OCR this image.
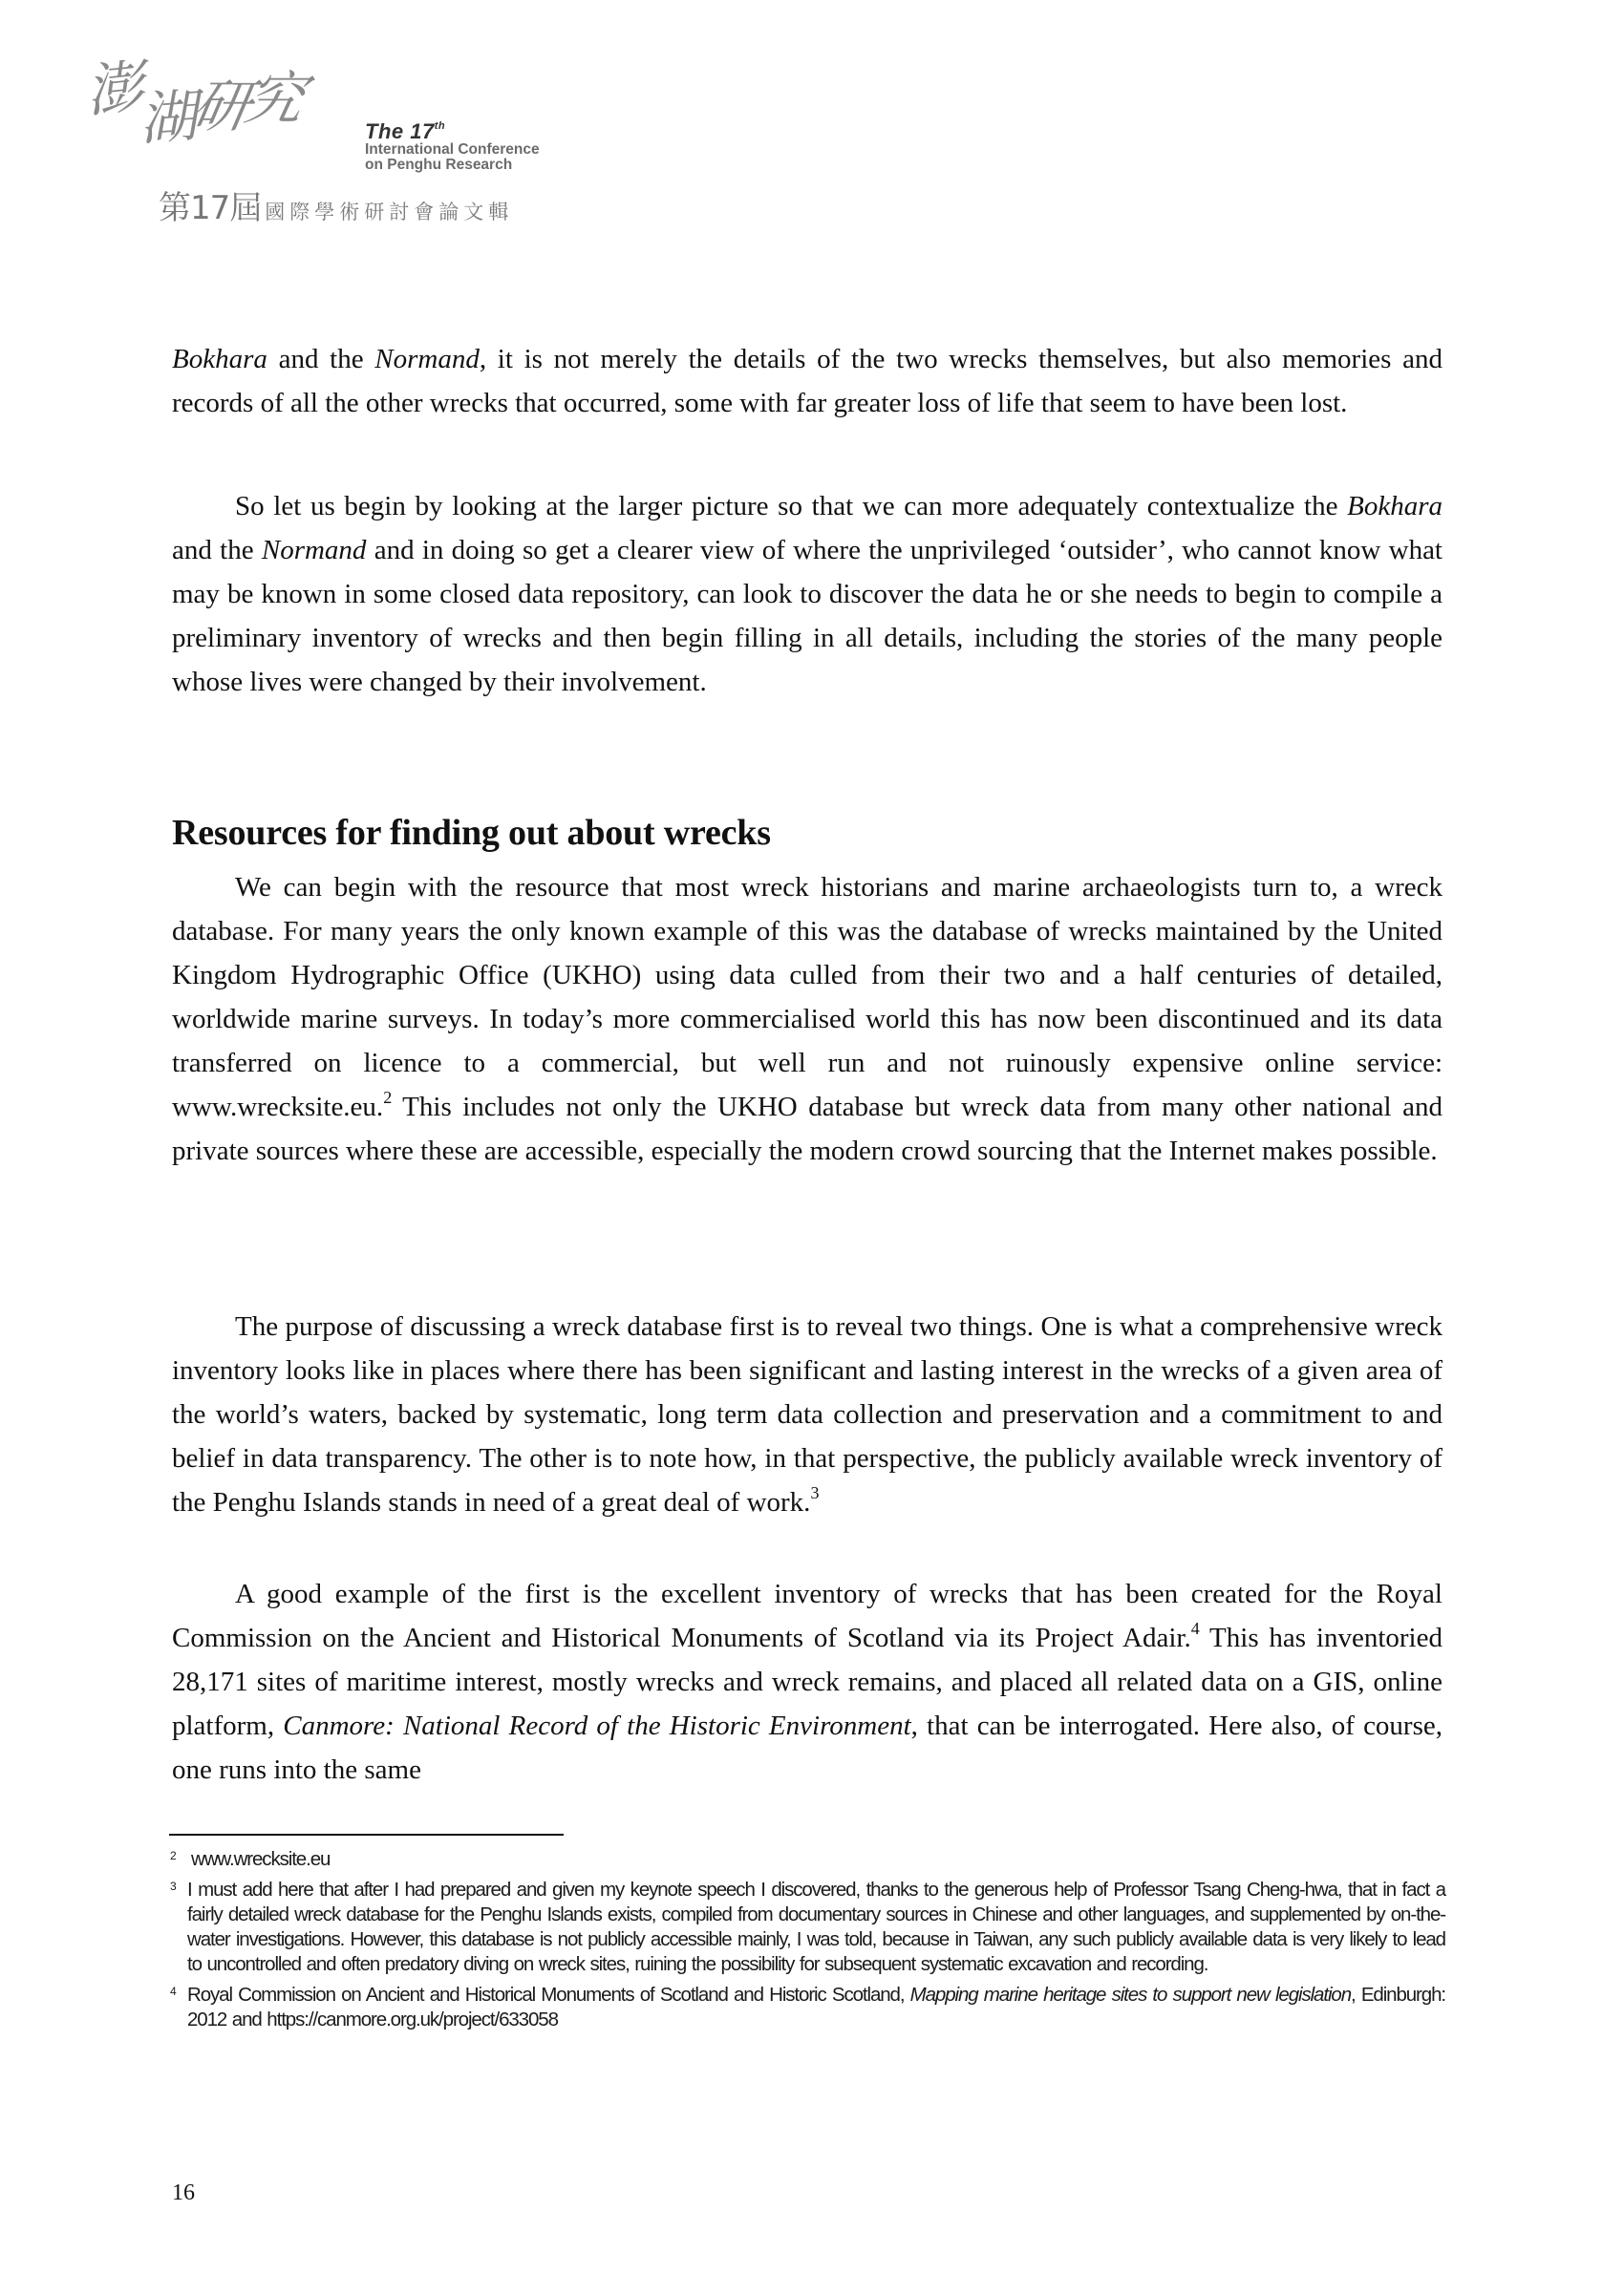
澎湖研究	The 17th
International Conference
on Penghu Research
第17屆 國際學術研討會論文輯

Bokhara and the Normand, it is not merely the details of the two wrecks themselves, but also memories and records of all the other wrecks that occurred, some with far greater loss of life that seem to have been lost.

So let us begin by looking at the larger picture so that we can more adequately contextualize the Bokhara and the Normand and in doing so get a clearer view of where the unprivileged ‘outsider’, who cannot know what may be known in some closed data repository, can look to discover the data he or she needs to begin to compile a preliminary inventory of wrecks and then begin filling in all details, including the stories of the many people whose lives were changed by their involvement.

Resources for finding out about wrecks

We can begin with the resource that most wreck historians and marine archaeologists turn to, a wreck database. For many years the only known example of this was the database of wrecks maintained by the United Kingdom Hydrographic Office (UKHO) using data culled from their two and a half centuries of detailed, worldwide marine surveys. In today’s more commercialised world this has now been discontinued and its data transferred on licence to a commercial, but well run and not ruinously expensive online service: www.wrecksite.eu.$^2$ This includes not only the UKHO database but wreck data from many other national and private sources where these are accessible, especially the modern crowd sourcing that the Internet makes possible.

The purpose of discussing a wreck database first is to reveal two things. One is what a comprehensive wreck inventory looks like in places where there has been significant and lasting interest in the wrecks of a given area of the world’s waters, backed by systematic, long term data collection and preservation and a commitment to and belief in data transparency. The other is to note how, in that perspective, the publicly available wreck inventory of the Penghu Islands stands in need of a great deal of work.$^3$

A good example of the first is the excellent inventory of wrecks that has been created for the Royal Commission on the Ancient and Historical Monuments of Scotland via its Project Adair.$^4$ This has inventoried 28,171 sites of maritime interest, mostly wrecks and wreck remains, and placed all related data on a GIS, online platform, Canmore: National Record of the Historic Environment, that can be interrogated. Here also, of course, one runs into the same

2 www.wrecksite.eu
3 I must add here that after I had prepared and given my keynote speech I discovered, thanks to the generous help of Professor Tsang Cheng-hwa, that in fact a fairly detailed wreck database for the Penghu Islands exists, compiled from documentary sources in Chinese and other languages, and supplemented by on-the-water investigations. However, this database is not publicly accessible mainly, I was told, because in Taiwan, any such publicly available data is very likely to lead to uncontrolled and often predatory diving on wreck sites, ruining the possibility for subsequent systematic excavation and recording.
4 Royal Commission on Ancient and Historical Monuments of Scotland and Historic Scotland, Mapping marine heritage sites to support new legislation, Edinburgh: 2012 and https://canmore.org.uk/project/633058
16
